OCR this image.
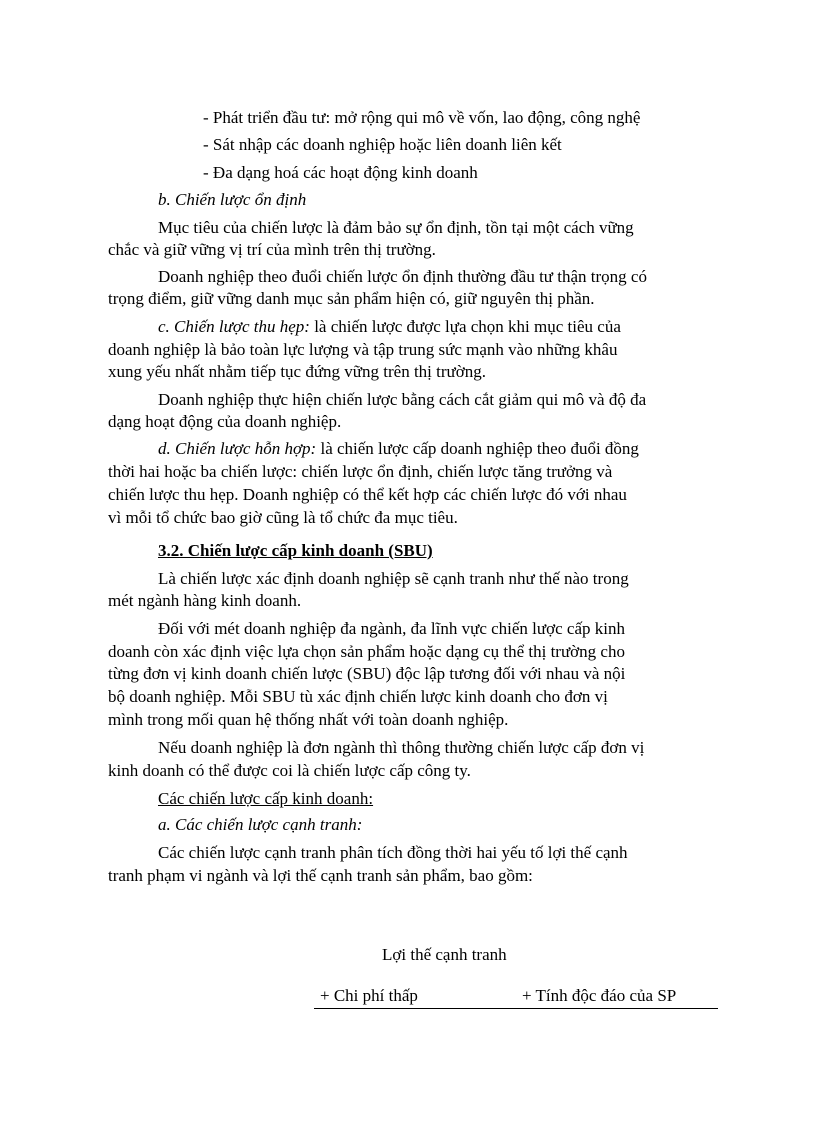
- Phát triển đầu tư: mở rộng qui mô về vốn, lao động, công nghệ
- Sát nhập các doanh nghiệp hoặc liên doanh liên kết
- Đa dạng hoá các hoạt động kinh doanh
b. Chiến lược ổn định
Mục tiêu của chiến lược là đảm bảo sự ổn định, tồn tại một cách vững
chắc và giữ vững vị trí của mình trên thị trường.
Doanh nghiệp theo đuổi chiến lược ổn định thường đầu tư thận trọng có
trọng điểm, giữ vững danh mục sản phẩm hiện có, giữ nguyên thị phần.
c. Chiến lược thu hẹp: là chiến lược được lựa chọn khi mục tiêu của
doanh nghiệp là bảo toàn lực lượng và tập trung sức mạnh vào những khâu
xung yếu nhất nhằm tiếp tục đứng vững trên thị trường.
Doanh nghiệp thực hiện chiến lược bằng cách cắt giảm qui mô và độ đa
dạng hoạt động của doanh nghiệp.
d. Chiến lược hỗn hợp: là chiến lược cấp doanh nghiệp theo đuổi đồng
thời hai hoặc ba chiến lược: chiến lược ổn định, chiến lược tăng trưởng và
chiến lược thu hẹp. Doanh nghiệp có thể kết hợp các chiến lược đó với nhau
vì mỗi tổ chức bao giờ cũng là tổ chức đa mục tiêu.
3.2. Chiến lược cấp kinh doanh (SBU)
Là chiến lược xác định doanh nghiệp sẽ cạnh tranh như thế nào trong
mét ngành hàng kinh doanh.
Đối với mét doanh nghiệp đa ngành, đa lĩnh vực chiến lược cấp kinh
doanh còn xác định việc lựa chọn sản phẩm hoặc dạng cụ thể thị trường cho
từng đơn vị kinh doanh chiến lược (SBU) độc lập tương đối với nhau và nội
bộ doanh nghiệp. Mỗi SBU tù xác định chiến lược kinh doanh cho đơn vị
mình trong mối quan hệ thống nhất với toàn doanh nghiệp.
Nếu doanh nghiệp là đơn ngành thì thông thường chiến lược cấp đơn vị
kinh doanh có thể được coi là chiến lược cấp công ty.
Các chiến lược cấp kinh doanh:
a. Các chiến lược cạnh tranh:
Các chiến lược cạnh tranh phân tích đồng thời hai yếu tố lợi thế cạnh
tranh phạm vi ngành và lợi thế cạnh tranh sản phẩm, bao gồm:
Lợi thế cạnh tranh
+ Chi phí thấp	+ Tính độc đáo của SP
